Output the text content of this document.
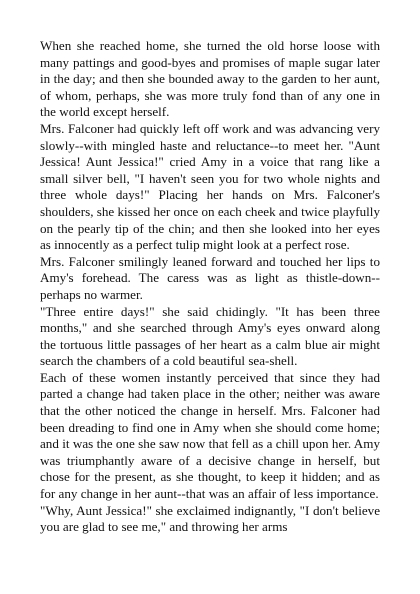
When she reached home, she turned the old horse loose with many pattings and good-byes and promises of maple sugar later in the day; and then she bounded away to the garden to her aunt, of whom, perhaps, she was more truly fond than of any one in the world except herself.

Mrs. Falconer had quickly left off work and was advancing very slowly--with mingled haste and reluctance--to meet her. "Aunt Jessica! Aunt Jessica!" cried Amy in a voice that rang like a small silver bell, "I haven't seen you for two whole nights and three whole days!" Placing her hands on Mrs. Falconer's shoulders, she kissed her once on each cheek and twice playfully on the pearly tip of the chin; and then she looked into her eyes as innocently as a perfect tulip might look at a perfect rose.

Mrs. Falconer smilingly leaned forward and touched her lips to Amy's forehead. The caress was as light as thistle-down--perhaps no warmer.

"Three entire days!" she said chidingly. "It has been three months," and she searched through Amy's eyes onward along the tortuous little passages of her heart as a calm blue air might search the chambers of a cold beautiful sea-shell.

Each of these women instantly perceived that since they had parted a change had taken place in the other; neither was aware that the other noticed the change in herself. Mrs. Falconer had been dreading to find one in Amy when she should come home; and it was the one she saw now that fell as a chill upon her. Amy was triumphantly aware of a decisive change in herself, but chose for the present, as she thought, to keep it hidden; and as for any change in her aunt--that was an affair of less importance.

"Why, Aunt Jessica!" she exclaimed indignantly, "I don't believe you are glad to see me," and throwing her arms
